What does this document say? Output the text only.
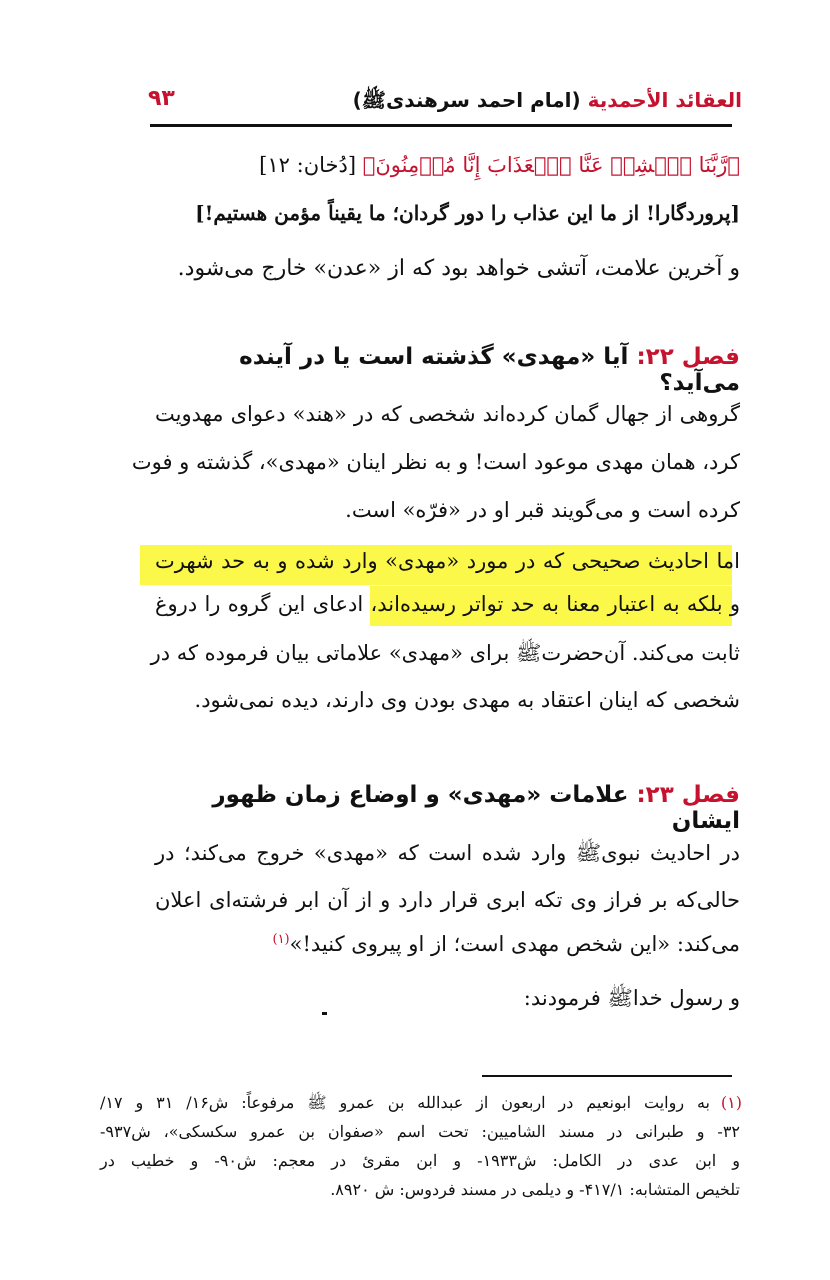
العقائد الأحمدية (امام احمد سرهندیﷺ)
۹۳
﴿رَّبَّنَا ٱكۡشِفۡ عَنَّا ٱلۡعَذَابَ إِنَّا مُؤۡمِنُونَ﴾ [دُخان: ١٢]
[پروردگارا! از ما این عذاب را دور گردان؛ ما یقیناً مؤمن هستیم!]
و آخرین علامت، آتشی خواهد بود که از «عدن» خارج می‌شود.
فصل ۲۲: آیا «مهدی» گذشته است یا در آینده می‌آید؟
گروهی از جهال گمان کرده‌اند شخصی که در «هند» دعوای مهدویت
کرد، همان مهدی موعود است! و به نظر اینان «مهدی»، گذشته و فوت
کرده است و می‌گویند قبر او در «فرّه» است.
اما احادیث صحیحی که در مورد «مهدی» وارد شده و به حد شهرت
و بلکه به اعتبار معنا به حد تواتر رسیده‌اند، ادعای این گروه را دروغ
ثابت می‌کند. آن‌حضرتﷺ برای «مهدی» علاماتی بیان فرموده که در
شخصی که اینان اعتقاد به مهدی بودن وی دارند، دیده نمی‌شود.
فصل ۲۳: علامات «مهدی» و اوضاع زمان ظهور ایشان
در احادیث نبویﷺ وارد شده است که «مهدی» خروج می‌کند؛ در
حالی‌که بر فراز وی تکه ابری قرار دارد و از آن ابر فرشته‌ای اعلان
می‌کند: «این شخص مهدی است؛ از او پیروی کنید!»$^{(۱)}$
و رسول خداﷺ فرمودند:
(۱)
به روایت ابونعیم در اربعون از عبدالله بن عمرو ﷺ مرفوعاً: ش۱۶/ ۳۱ و ۱۷/
۳۲- و طبرانی در مسند الشامیین: تحت اسم «صفوان بن عمرو سکسکی»، ش۹۳۷-
و ابن عدی در الکامل: ش۱۹۳۳- و ابن مقرئ در معجم: ش۹۰- و خطیب در
تلخیص المتشابه: ۴۱۷/۱- و دیلمی در مسند فردوس: ش ۸۹۲۰.
